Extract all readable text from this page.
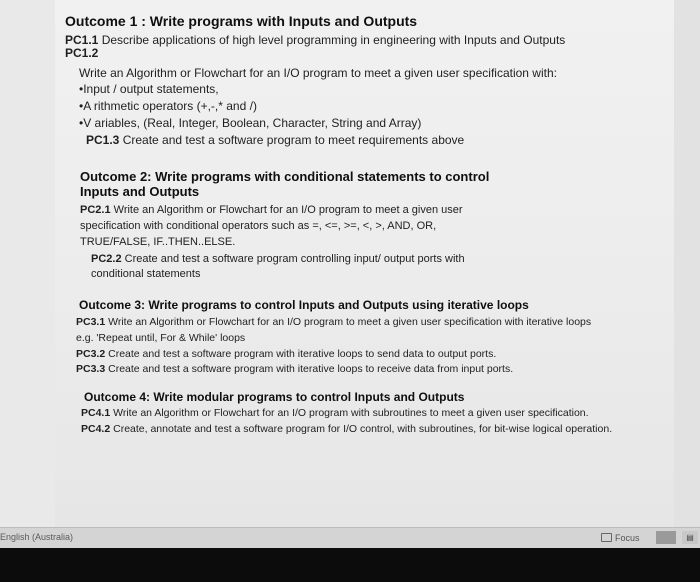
Outcome 1 : Write programs with Inputs and Outputs
PC1.1 Describe applications of high level programming in engineering with Inputs and Outputs
PC1.2
Write an Algorithm or Flowchart for an I/O program to meet a given user specification with:
•Input / output statements,
•A rithmetic operators (+,-,* and /)
•V ariables, (Real, Integer, Boolean, Character, String and Array)
PC1.3 Create and test a software program to meet requirements above
Outcome 2: Write programs with conditional statements to control
Inputs and Outputs
PC2.1 Write an Algorithm or Flowchart for an I/O program to meet a given user
specification with conditional operators such as =, <=, >=, <, >, AND, OR,
TRUE/FALSE, IF..THEN..ELSE.
PC2.2 Create and test a software program controlling input/ output ports with
conditional statements
Outcome 3: Write programs to control Inputs and Outputs using iterative loops
PC3.1 Write an Algorithm or Flowchart for an I/O program to meet a given user specification with iterative loops
e.g. 'Repeat until, For & While' loops
PC3.2 Create and test a software program with iterative loops to send data to output ports.
PC3.3 Create and test a software program with iterative loops to receive data from input ports.
Outcome 4: Write modular programs to control Inputs and Outputs
PC4.1 Write an Algorithm or Flowchart for an I/O program with subroutines to meet a given user specification.
PC4.2 Create, annotate and test a software program for I/O control, with subroutines, for bit-wise logical operation.
English (Australia)	Focus	▤
